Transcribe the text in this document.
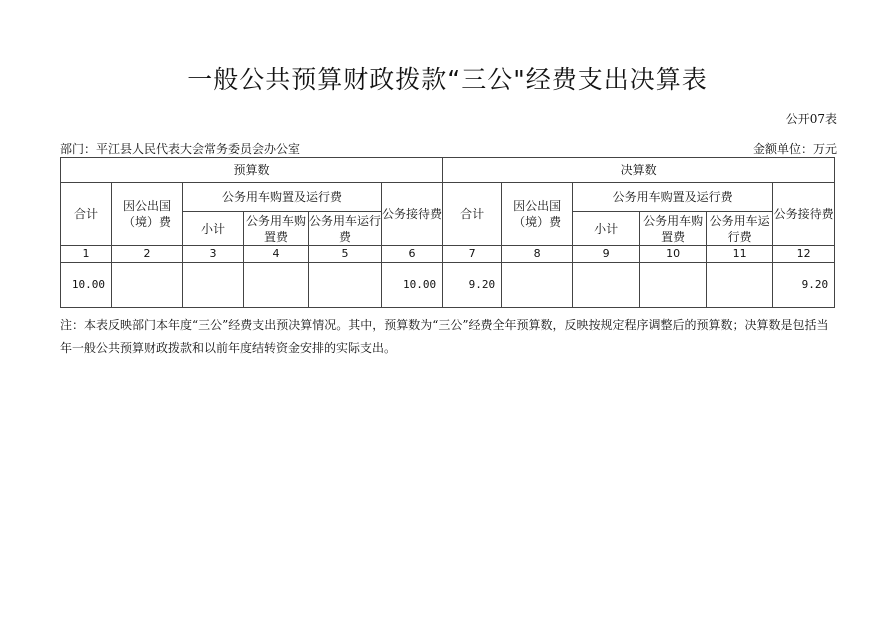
一般公共预算财政拨款“三公"经费支出决算表
公开07表
部门：平江县人民代表大会常务委员会办公室	金额单位：万元
预算数						决算数					
合计	因公出国（境）费	公务用车购置及运行费			公务接待费	合计	因公出国（境）费	公务用车购置及运行费			公务接待费
		小计	公务用车购置费	公务用车运行费				小计	公务用车购置费	公务用车运行费	
1	2	3	4	5	6	7	8	9	10	11	12
10.00					10.00	9.20					9.20
注：本表反映部门本年度“三公”经费支出预决算情况。其中，预算数为“三公”经费全年预算数，反映按规定程序调整后的预算数；决算数是包括当年一般公共预算财政拨款和以前年度结转资金安排的实际支出。
